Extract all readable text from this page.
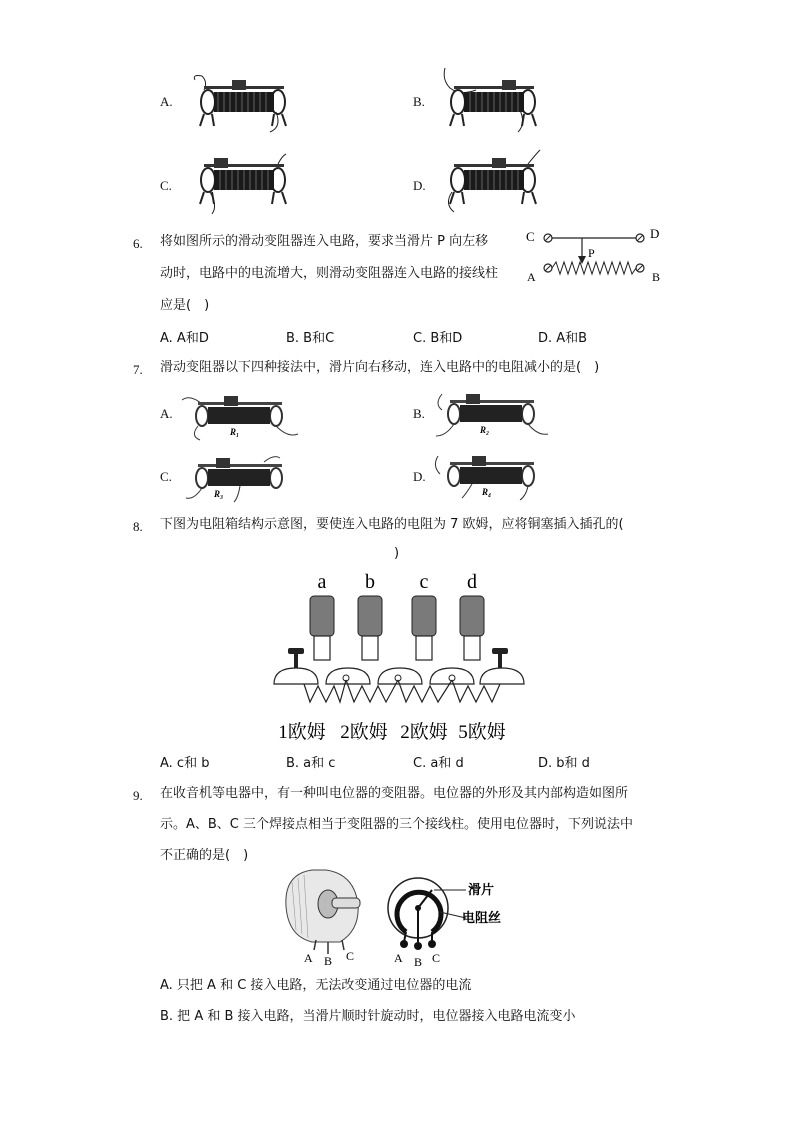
A.	B.
C.	D.
6. 将如图所示的滑动变阻器连入电路，要求当滑片 P 向左移
动时，电路中的电流增大，则滑动变阻器连入电路的接线柱
应是(　)
C	D
P
A	B
A. A和D	B. B和C	C. B和D	D. A和B
7. 滑动变阻器以下四种接法中，滑片向右移动，连入电路中的电阻减小的是(　)
A.
R₁
B.
R₂
C.
R₃
D.
R₄
8. 下图为电阻箱结构示意图，要使连入电路的电阻为 7 欧姆，应将铜塞插入插孔的(
)
a b c d
1欧姆 2欧姆 2欧姆 5欧姆
A. c和 b	B. a和 c	C. a和 d	D. b和 d
9. 在收音机等电器中，有一种叫电位器的变阻器。电位器的外形及其内部构造如图所
示。A、B、C 三个焊接点相当于变阻器的三个接线柱。使用电位器时，下列说法中
不正确的是(　)
A B C
滑片
电阻丝
A B C
A. 只把 A 和 C 接入电路，无法改变通过电位器的电流
B. 把 A 和 B 接入电路，当滑片顺时针旋动时，电位器接入电路电流变小
